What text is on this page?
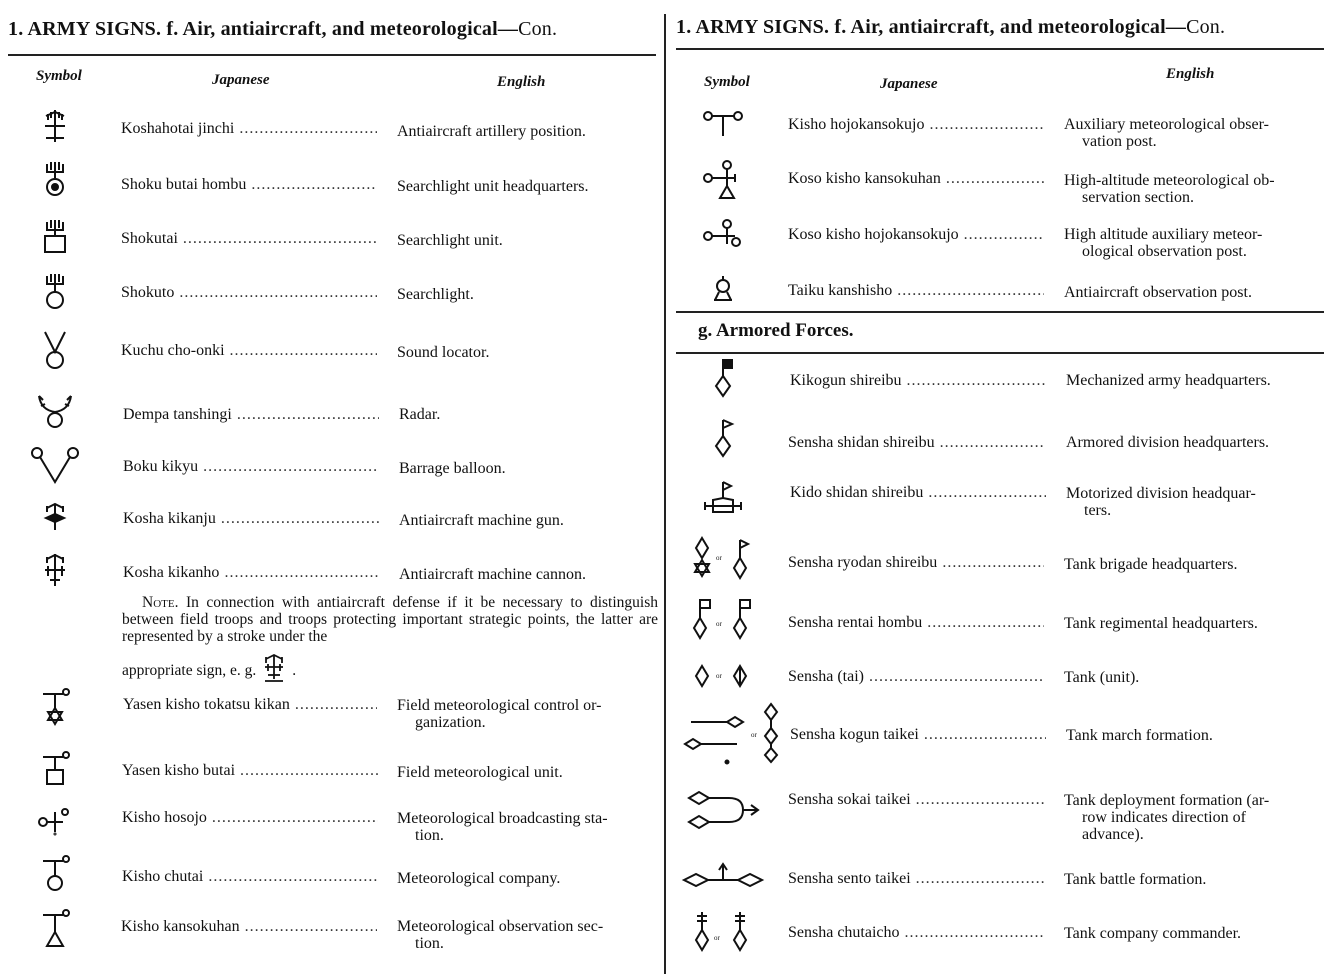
1. ARMY SIGNS. f. Air, antiaircraft, and meteorological—Con.
Symbol	Japanese	English
Koshahotai jinchi .....	Antiaircraft artillery position.
Shoku butai hombu .....	Searchlight unit headquarters.
Shokutai .....	Searchlight unit.
Shokuto .....	Searchlight.
Kuchu cho-onki .....	Sound locator.
Dempa tanshingi .....	Radar.
Boku kikyu .....	Barrage balloon.
Kosha kikanju .....	Antiaircraft machine gun.
Kosha kikanho .....	Antiaircraft machine cannon.
Note. In connection with antiaircraft defense if it be necessary to distinguish between field troops and troops protecting important strategic points, the latter are represented by a stroke under the
appropriate sign, e. g. .
Yasen kisho tokatsu kikan .....	Field meteorological control or-
ganization.
Yasen kisho butai .....	Field meteorological unit.
Kisho hosojo .....	Meteorological broadcasting sta-
tion.
Kisho chutai .....	Meteorological company.
Kisho kansokuhan .....	Meteorological observation sec-
tion.
1. ARMY SIGNS. f. Air, antiaircraft, and meteorological—Con.
Symbol	Japanese
English
Kisho hojokansokujo .....	Auxiliary meteorological obser-
vation post.
Koso kisho kansokuhan .....	High-altitude meteorological ob-
servation section.
Koso kisho hojokansokujo .....	High altitude auxiliary meteor-
ological observation post.
Taiku kanshisho .....	Antiaircraft observation post.
g. Armored Forces.
Kikogun shireibu .....	Mechanized army headquarters.
Sensha shidan shireibu .....	Armored division headquarters.
Kido shidan shireibu .....	Motorized division headquar-
ters.
or	Sensha ryodan shireibu .....	Tank brigade headquarters.
or	Sensha rentai hombu .....	Tank regimental headquarters.
or	Sensha (tai) .....	Tank (unit).
or Sensha kogun taikei .....	Tank march formation.
Sensha sokai taikei .....	Tank deployment formation (ar-
row indicates direction of
advance).
Sensha sento taikei .....	Tank battle formation.
or	Sensha chutaicho .....	Tank company commander.
